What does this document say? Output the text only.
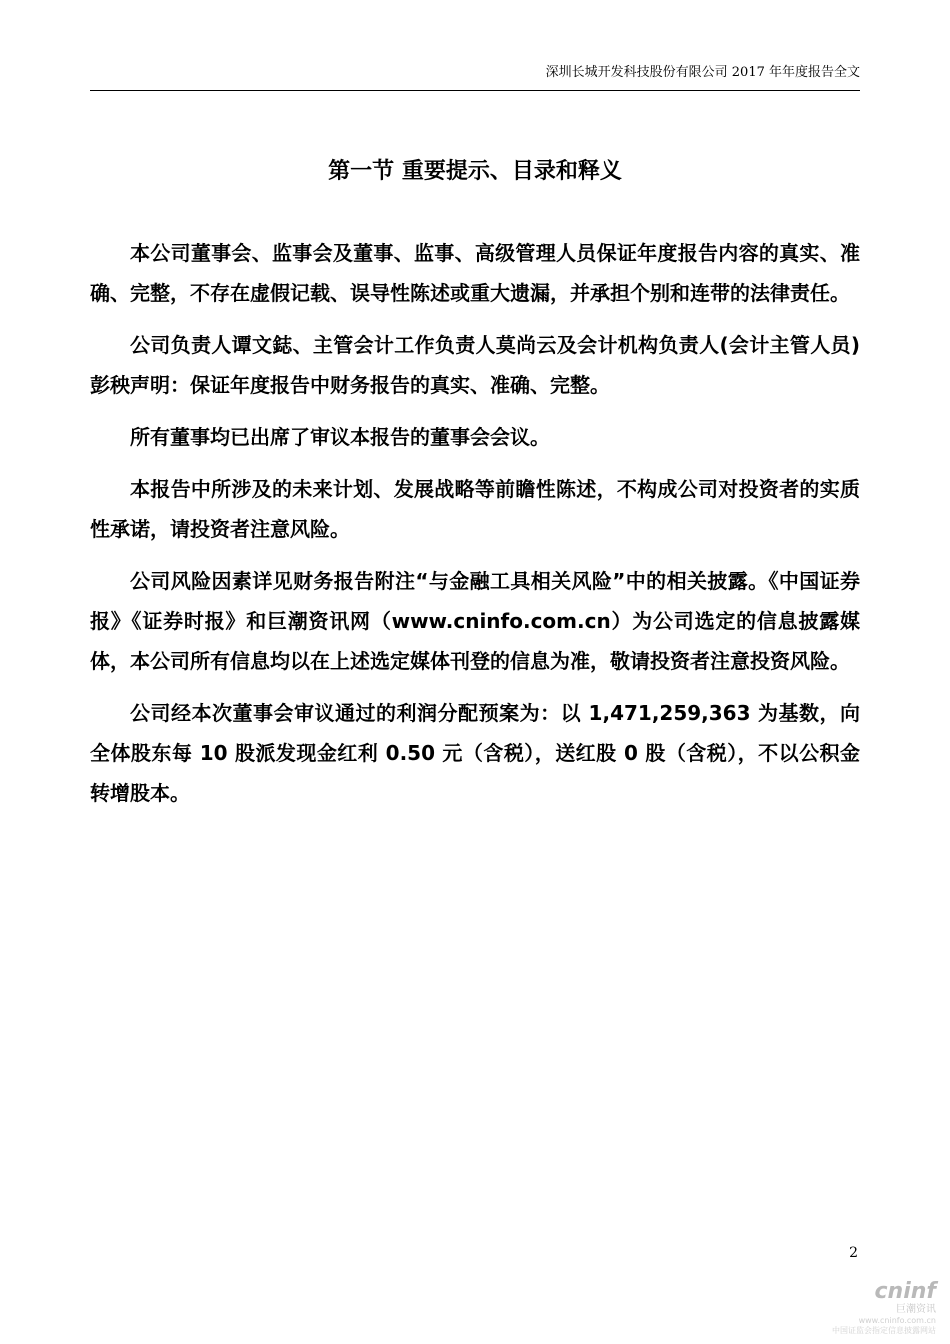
深圳长城开发科技股份有限公司 2017 年年度报告全文
第一节 重要提示、目录和释义

本公司董事会、监事会及董事、监事、高级管理人员保证年度报告内容的真实、准确、完整，不存在虚假记载、误导性陈述或重大遗漏，并承担个别和连带的法律责任。

公司负责人谭文鋕、主管会计工作负责人莫尚云及会计机构负责人(会计主管人员)彭秧声明：保证年度报告中财务报告的真实、准确、完整。

所有董事均已出席了审议本报告的董事会会议。

本报告中所涉及的未来计划、发展战略等前瞻性陈述，不构成公司对投资者的实质性承诺，请投资者注意风险。

公司风险因素详见财务报告附注“与金融工具相关风险”中的相关披露。《中国证券报》《证券时报》和巨潮资讯网（www.cninfo.com.cn）为公司选定的信息披露媒体，本公司所有信息均以在上述选定媒体刊登的信息为准，敬请投资者注意投资风险。

公司经本次董事会审议通过的利润分配预案为：以 1,471,259,363 为基数，向全体股东每 10 股派发现金红利 0.50 元（含税），送红股 0 股（含税），不以公积金转增股本。

2
cninf
巨潮资讯
www.cninfo.com.cn
中国证监会指定信息披露网站
